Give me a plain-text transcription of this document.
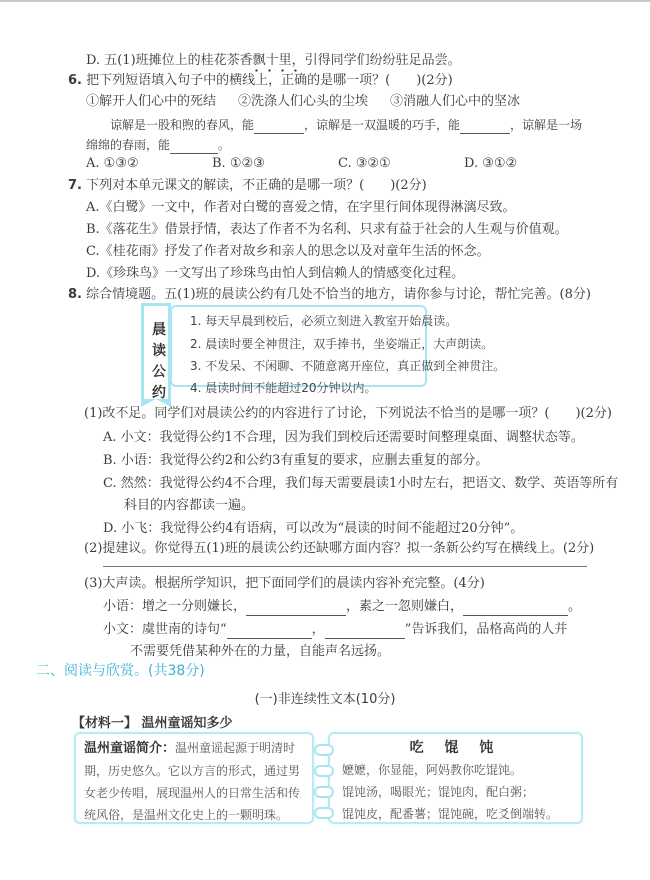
D. 五(1)班摊位上的桂花茶香飘十里，引得同学们纷纷驻足品尝。
6. 把下列短语填入句子中的横线上，正确的是哪一项？(　　)(2分)
①解开人们心中的死结 ②洗涤人们心头的尘埃 ③消融人们心中的坚冰
谅解是一股和煦的春风，能	，谅解是一双温暖的巧手，能	，谅解是一场
绵绵的春雨，能	。
A. ①③②	B. ①②③	C. ③②①	D. ③①②
7. 下列对本单元课文的解读，不正确的是哪一项？(　　)(2分)
A.《白鹭》一文中，作者对白鹭的喜爱之情，在字里行间体现得淋漓尽致。
B.《落花生》借景抒情，表达了作者不为名利、只求有益于社会的人生观与价值观。
C.《桂花雨》抒发了作者对故乡和亲人的思念以及对童年生活的怀念。
D.《珍珠鸟》一文写出了珍珠鸟由怕人到信赖人的情感变化过程。
8. 综合情境题。五(1)班的晨读公约有几处不恰当的地方，请你参与讨论，帮忙完善。(8分)
晨
读
公
约
1. 每天早晨到校后，必须立刻进入教室开始晨读。
2. 晨读时要全神贯注，双手捧书，坐姿端正，大声朗读。
3. 不发呆、不闲聊、不随意离开座位，真正做到全神贯注。
4. 晨读时间不能超过20分钟以内。
(1)改不足。同学们对晨读公约的内容进行了讨论，下列说法不恰当的是哪一项？(　　)(2分)
A. 小文：我觉得公约1不合理，因为我们到校后还需要时间整理桌面、调整状态等。
B. 小语：我觉得公约2和公约3有重复的要求，应删去重复的部分。
C. 然然：我觉得公约4不合理，我们每天需要晨读1小时左右，把语文、数学、英语等所有
科目的内容都读一遍。
D. 小飞：我觉得公约4有语病，可以改为“晨读的时间不能超过20分钟”。
(2)提建议。你觉得五(1)班的晨读公约还缺哪方面内容？拟一条新公约写在横线上。(2分)
(3)大声读。根据所学知识，把下面同学们的晨读内容补充完整。(4分)
小语：增之一分则嫌长，	，素之一忽则嫌白，	。
小文：虞世南的诗句“	，	”告诉我们，品格高尚的人并
不需要凭借某种外在的力量，自能声名远扬。
二、阅读与欣赏。(共38分)
(一)非连续性文本(10分)
【材料一】 温州童谣知多少
温州童谣简介：温州童谣起源于明清时
期，历史悠久。它以方言的形式，通过男
女老少传唱，展现温州人的日常生活和传
统风俗，是温州文化史上的一颗明珠。
吃 馄 饨
嬷嬷，你显能，阿妈教你吃馄饨。
馄饨汤，喝眼光；馄饨肉，配白粥；
馄饨皮，配番薯；馄饨碗，吃爻倒端转。
